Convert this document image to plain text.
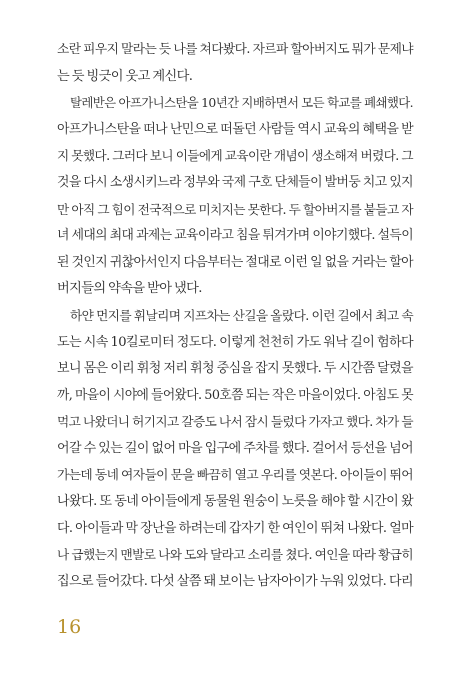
소란 피우지 말라는 듯 나를 쳐다봤다. 자르파 할아버지도 뭐가 문제냐
는 듯 빙긋이 웃고 계신다.
탈레반은 아프가니스탄을 10년간 지배하면서 모든 학교를 폐쇄했다.
아프가니스탄을 떠나 난민으로 떠돌던 사람들 역시 교육의 혜택을 받
지 못했다. 그러다 보니 이들에게 교육이란 개념이 생소해져 버렸다. 그
것을 다시 소생시키느라 정부와 국제 구호 단체들이 발버둥 치고 있지
만 아직 그 힘이 전국적으로 미치지는 못한다. 두 할아버지를 붙들고 자
녀 세대의 최대 과제는 교육이라고 침을 튀겨가며 이야기했다. 설득이
된 것인지 귀찮아서인지 다음부터는 절대로 이런 일 없을 거라는 할아
버지들의 약속을 받아 냈다.
하얀 먼지를 휘날리며 지프차는 산길을 올랐다. 이런 길에서 최고 속
도는 시속 10킬로미터 정도다. 이렇게 천천히 가도 워낙 길이 험하다
보니 몸은 이리 휘청 저리 휘청 중심을 잡지 못했다. 두 시간쯤 달렸을
까, 마을이 시야에 들어왔다. 50호쯤 되는 작은 마을이었다. 아침도 못
먹고 나왔더니 허기지고 갈증도 나서 잠시 들렀다 가자고 했다. 차가 들
어갈 수 있는 길이 없어 마을 입구에 주차를 했다. 걸어서 등선을 넘어
가는데 동네 여자들이 문을 빠끔히 열고 우리를 엿본다. 아이들이 뛰어
나왔다. 또 동네 아이들에게 동물원 원숭이 노릇을 해야 할 시간이 왔
다. 아이들과 막 장난을 하려는데 갑자기 한 여인이 뛰쳐 나왔다. 얼마
나 급했는지 맨발로 나와 도와 달라고 소리를 쳤다. 여인을 따라 황급히
집으로 들어갔다. 다섯 살쯤 돼 보이는 남자아이가 누워 있었다. 다리
16
